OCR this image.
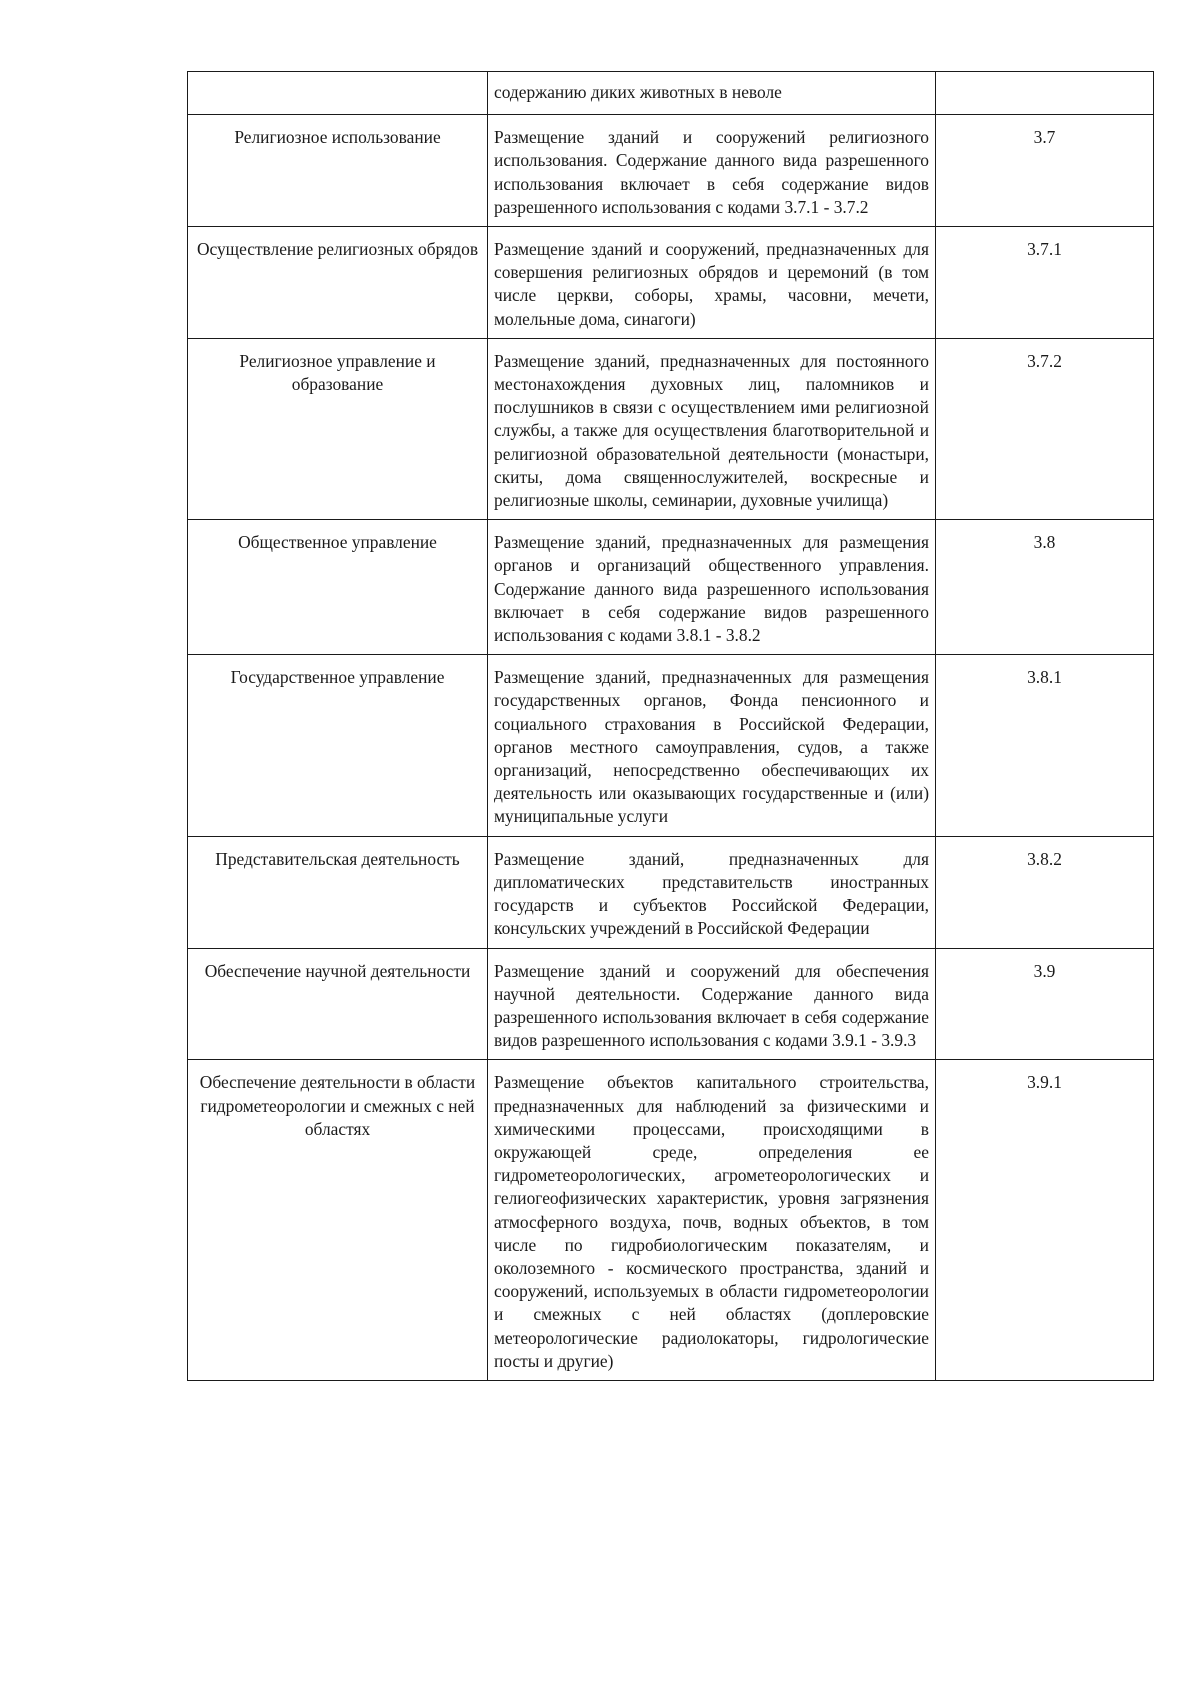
	содержанию диких животных в неволе	
Религиозное использование	Размещение зданий и сооружений религиозного использования. Содержание данного вида разрешенного использования включает в себя содержание видов разрешенного использования с кодами 3.7.1 - 3.7.2	3.7
Осуществление религиозных обрядов	Размещение зданий и сооружений, предназначенных для совершения религиозных обрядов и церемоний (в том числе церкви, соборы, храмы, часовни, мечети, молельные дома, синагоги)	3.7.1
Религиозное управление и образование	Размещение зданий, предназначенных для постоянного местонахождения духовных лиц, паломников и послушников в связи с осуществлением ими религиозной службы, а также для осуществления благотворительной и религиозной образовательной деятельности (монастыри, скиты, дома священнослужителей, воскресные и религиозные школы, семинарии, духовные училища)	3.7.2
Общественное управление	Размещение зданий, предназначенных для размещения органов и организаций общественного управления. Содержание данного вида разрешенного использования включает в себя содержание видов разрешенного использования с кодами 3.8.1 - 3.8.2	3.8
Государственное управление	Размещение зданий, предназначенных для размещения государственных органов, Фонда пенсионного и социального страхования в Российской Федерации, органов местного самоуправления, судов, а также организаций, непосредственно обеспечивающих их деятельность или оказывающих государственные и (или) муниципальные услуги	3.8.1
Представительская деятельность	Размещение зданий, предназначенных для дипломатических представительств иностранных государств и субъектов Российской Федерации, консульских учреждений в Российской Федерации	3.8.2
Обеспечение научной деятельности	Размещение зданий и сооружений для обеспечения научной деятельности. Содержание данного вида разрешенного использования включает в себя содержание видов разрешенного использования с кодами 3.9.1 - 3.9.3	3.9
Обеспечение деятельности в области гидрометеорологии и смежных с ней областях	Размещение объектов капитального строительства, предназначенных для наблюдений за физическими и химическими процессами, происходящими в окружающей среде, определения ее гидрометеорологических, агрометеорологических и гелиогеофизических характеристик, уровня загрязнения атмосферного воздуха, почв, водных объектов, в том числе по гидробиологическим показателям, и околоземного - космического пространства, зданий и сооружений, используемых в области гидрометеорологии и смежных с ней областях (доплеровские метеорологические радиолокаторы, гидрологические посты и другие)	3.9.1
